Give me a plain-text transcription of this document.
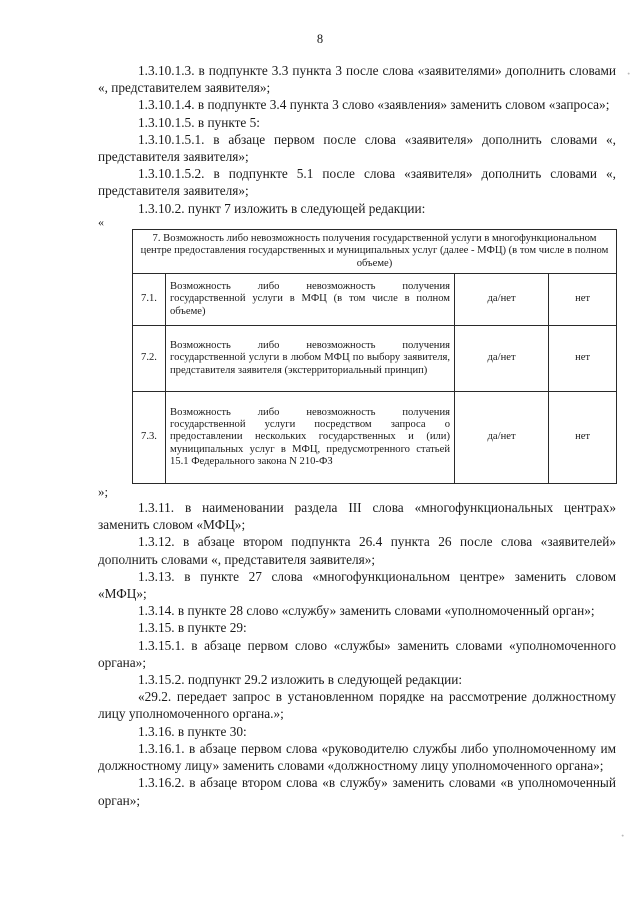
8

1.3.10.1.3. в подпункте 3.3 пункта 3 после слова «заявителями» дополнить словами «, представителем заявителя»;

1.3.10.1.4. в подпункте 3.4 пункта 3 слово «заявления» заменить словом «запроса»;

1.3.10.1.5. в пункте 5:

1.3.10.1.5.1. в абзаце первом после слова «заявителя» дополнить словами «, представителя заявителя»;

1.3.10.1.5.2. в подпункте 5.1 после слова «заявителя» дополнить словами «, представителя заявителя»;

1.3.10.2. пункт 7 изложить в следующей редакции:

«

7. Возможность либо невозможность получения государственной услуги в многофункциональном центре предоставления государственных и муниципальных услуг (далее - МФЦ) (в том числе в полном объеме)			
7.1.	Возможность либо невозможность получения государственной услуги в МФЦ (в том числе в полном объеме)	да/нет	нет
7.2.	Возможность либо невозможность получения государственной услуги в любом МФЦ по выбору заявителя, представителя заявителя (экстерриториальный принцип)	да/нет	нет
7.3.	Возможность либо невозможность получения государственной услуги посредством запроса о предоставлении нескольких государственных и (или) муниципальных услуг в МФЦ, предусмотренного статьей 15.1 Федерального закона N 210-ФЗ	да/нет	нет

»;

1.3.11. в наименовании раздела III слова «многофункциональных центрах» заменить словом «МФЦ»;

1.3.12. в абзаце втором подпункта 26.4 пункта 26 после слова «заявителей» дополнить словами «, представителя заявителя»;

1.3.13. в пункте 27 слова «многофункциональном центре» заменить словом «МФЦ»;

1.3.14. в пункте 28 слово «службу» заменить словами «уполномоченный орган»;

1.3.15. в пункте 29:

1.3.15.1. в абзаце первом слово «службы» заменить словами «уполномоченного органа»;

1.3.15.2. подпункт 29.2 изложить в следующей редакции:

«29.2. передает запрос в установленном порядке на рассмотрение должностному лицу уполномоченного органа.»;

1.3.16. в пункте 30:

1.3.16.1. в абзаце первом слова «руководителю службы либо уполномоченному им должностному лицу» заменить словами «должностному лицу уполномоченного органа»;

1.3.16.2. в абзаце втором слова «в службу» заменить словами «в уполномоченный орган»;

·
·
